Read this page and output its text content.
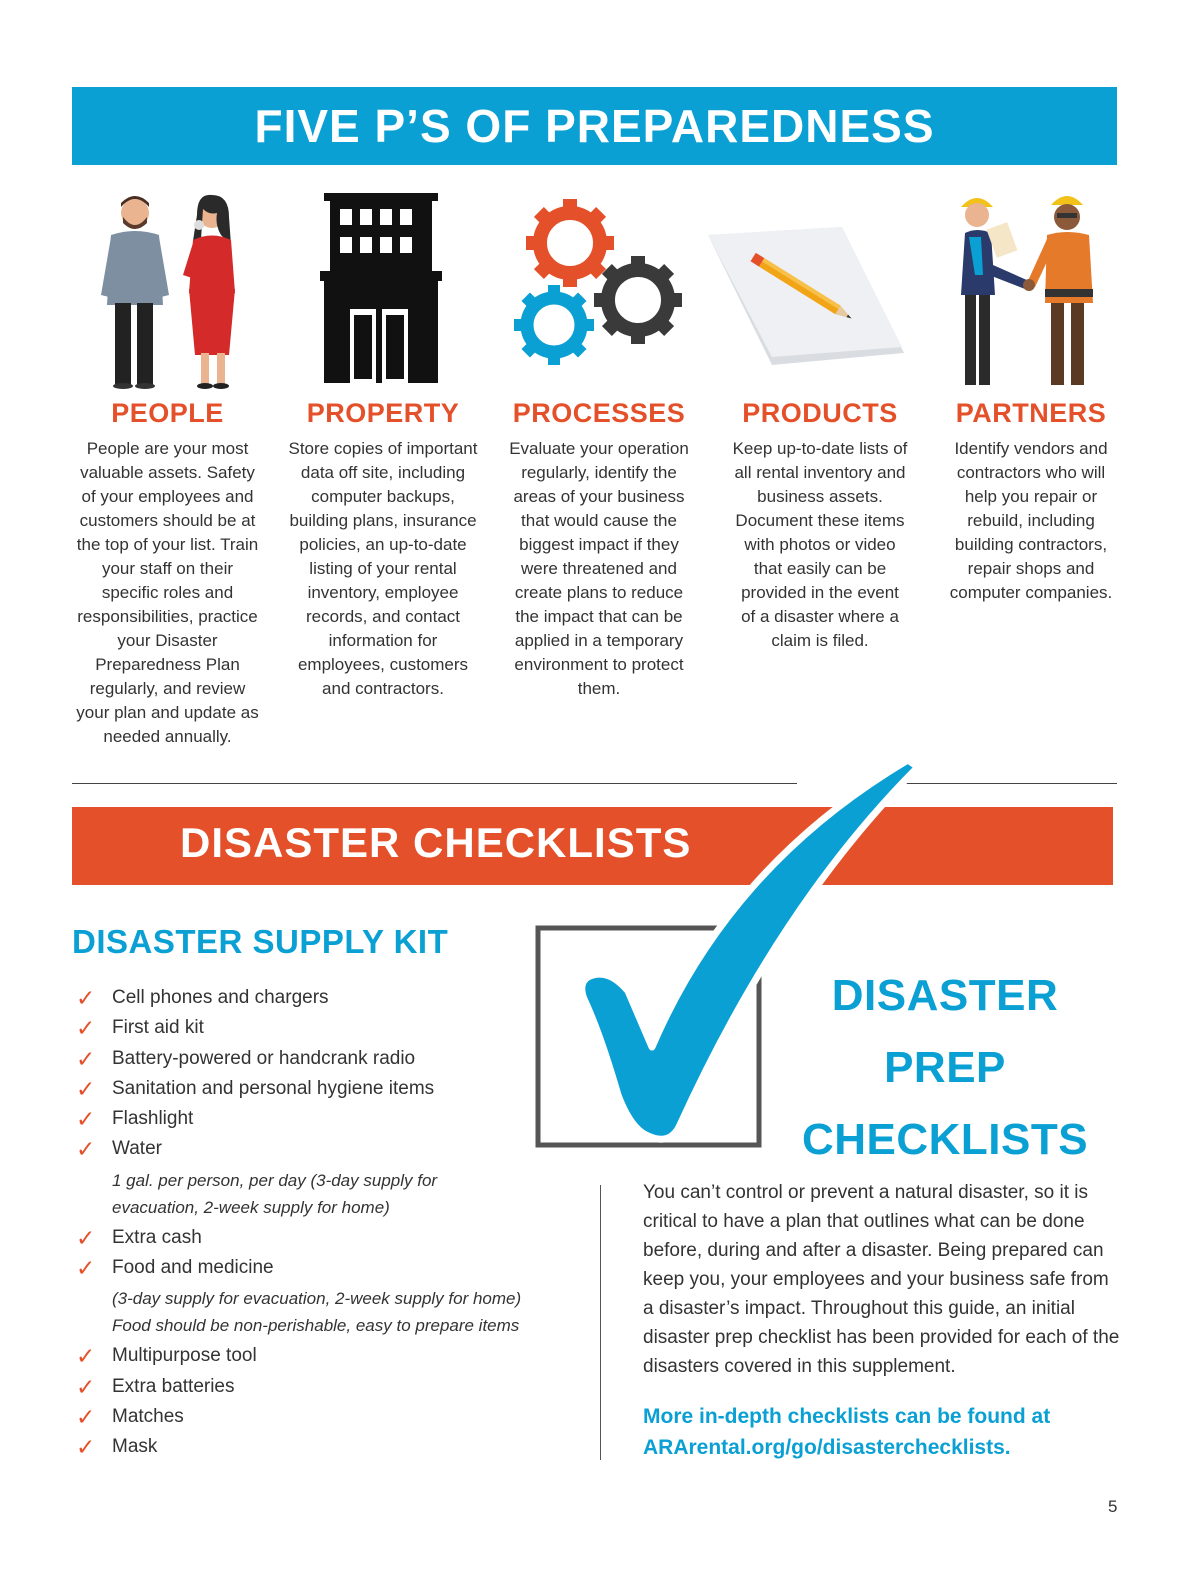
FIVE P’S OF PREPAREDNESS
PEOPLE

People are your most valuable assets. Safety of your employees and customers should be at the top of your list. Train your staff on their specific roles and responsibilities, practice your Disaster Preparedness Plan regularly, and review your plan and update as needed annually.

PROPERTY

Store copies of important data off site, including computer backups, building plans, insurance policies, an up-to-date listing of your rental inventory, employee records, and contact information for employees, customers and contractors.

PROCESSES

Evaluate your operation regularly, identify the areas of your business that would cause the biggest impact if they were threatened and create plans to reduce the impact that can be applied in a temporary environment to protect them.

PRODUCTS

Keep up-to-date lists of all rental inventory and business assets. Document these items with photos or video that easily can be provided in the event of a disaster where a claim is filed.

PARTNERS

Identify vendors and contractors who will help you repair or rebuild, including building contractors, repair shops and computer companies.

DISASTER CHECKLISTS
DISASTER SUPPLY KIT
✓ Cell phones and chargers
✓ First aid kit
✓ Battery-powered or handcrank radio
✓ Sanitation and personal hygiene items
✓ Flashlight
✓ Water
1 gal. per person, per day (3-day supply for
evacuation, 2-week supply for home)
✓ Extra cash
✓ Food and medicine
(3-day supply for evacuation, 2-week supply for home)
Food should be non-perishable, easy to prepare items
✓ Multipurpose tool
✓ Extra batteries
✓ Matches
✓ Mask
DISASTER
PREP
CHECKLISTS

You can’t control or prevent a natural disaster, so it is critical to have a plan that outlines what can be done before, during and after a disaster. Being prepared can keep you, your employees and your business safe from a disaster’s impact. Throughout this guide, an initial disaster prep checklist has been provided for each of the disasters covered in this supplement.

More in-depth checklists can be found at
ARArental.org/go/disasterchecklists.

5
